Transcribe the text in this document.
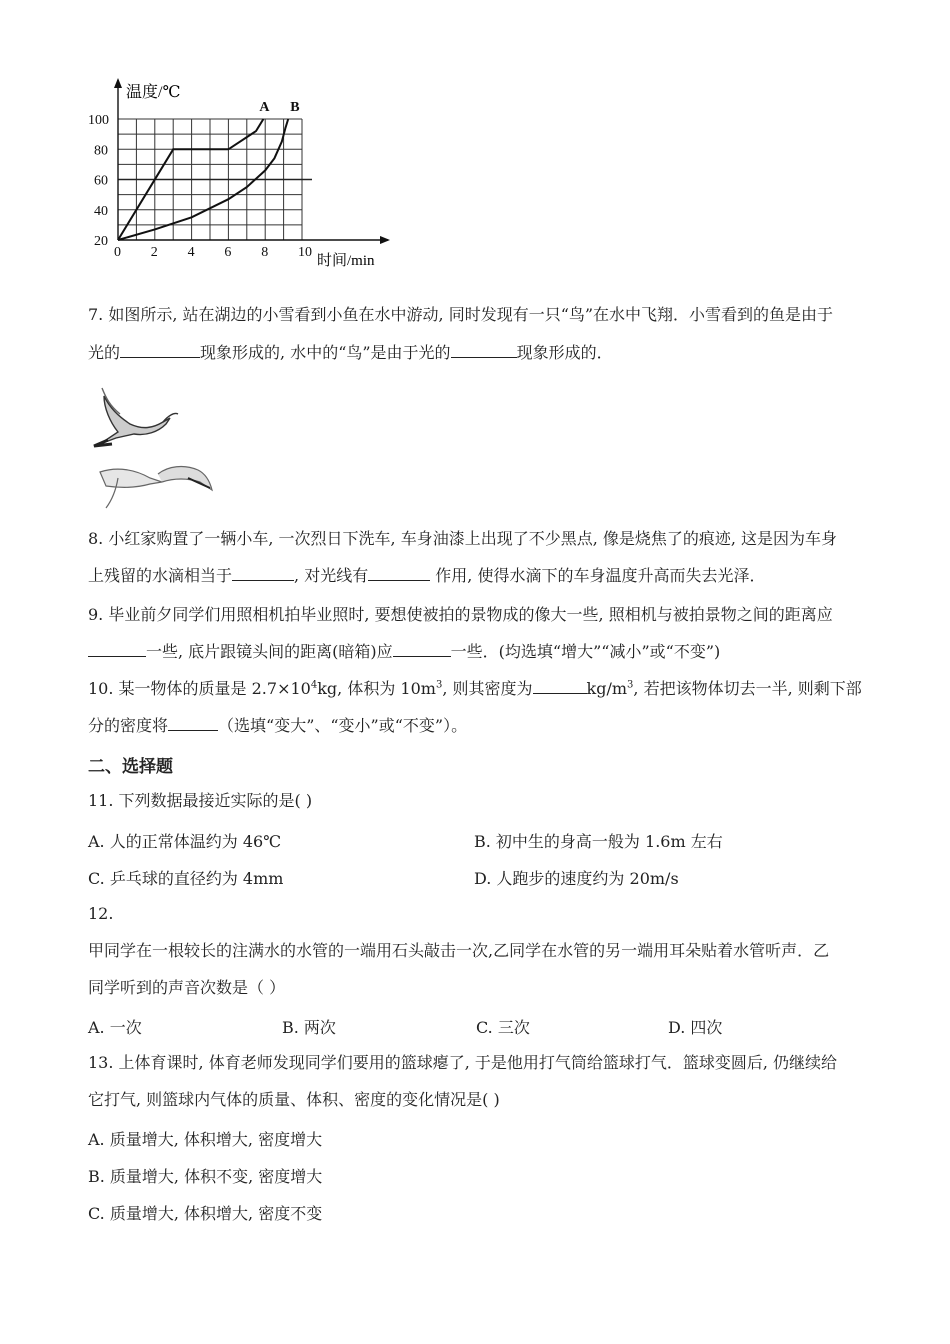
A B
0 2 4 6 8 10
20
40
60
80
100
温度/℃
时间/min
7. 如图所示, 站在湖边的小雪看到小鱼在水中游动, 同时发现有一只“鸟”在水中飞翔．小雪看到的鱼是由于
光的	现象形成的, 水中的“鸟”是由于光的	现象形成的．
8. 小红家购置了一辆小车, 一次烈日下洗车, 车身油漆上出现了不少黑点, 像是烧焦了的痕迹, 这是因为车身
上残留的水滴相当于	, 对光线有	作用, 使得水滴下的车身温度升高而失去光泽．
9. 毕业前夕同学们用照相机拍毕业照时, 要想使被拍的景物成的像大一些, 照相机与被拍景物之间的距离应
一些, 底片跟镜头间的距离(暗箱)应	一些．(均选填“增大”“减小”或“不变”)
10. 某一物体的质量是 $2.7\times 10^4kg$, 体积为 $10m^3$, 则其密度为	$kg/m^3$, 若把该物体切去一半, 则剩下部
分的密度将	（选填“变大”、“变小”或“不变”）。
二、选择题
11. 下列数据最接近实际的是( )
A. 人的正常体温约为 46℃	B. 初中生的身高一般为 1.6m 左右
C. 乒乓球的直径约为 4mm	D. 人跑步的速度约为 20m/s
12.
甲同学在一根较长的注满水的水管的一端用石头敲击一次,乙同学在水管的另一端用耳朵贴着水管听声．乙
同学听到的声音次数是（ ）
A. 一次	B. 两次	C. 三次	D. 四次
13. 上体育课时, 体育老师发现同学们要用的篮球瘪了, 于是他用打气筒给篮球打气．篮球变圆后, 仍继续给
它打气, 则篮球内气体的质量、体积、密度的变化情况是( )
A. 质量增大, 体积增大, 密度增大
B. 质量增大, 体积不变, 密度增大
C. 质量增大, 体积增大, 密度不变
